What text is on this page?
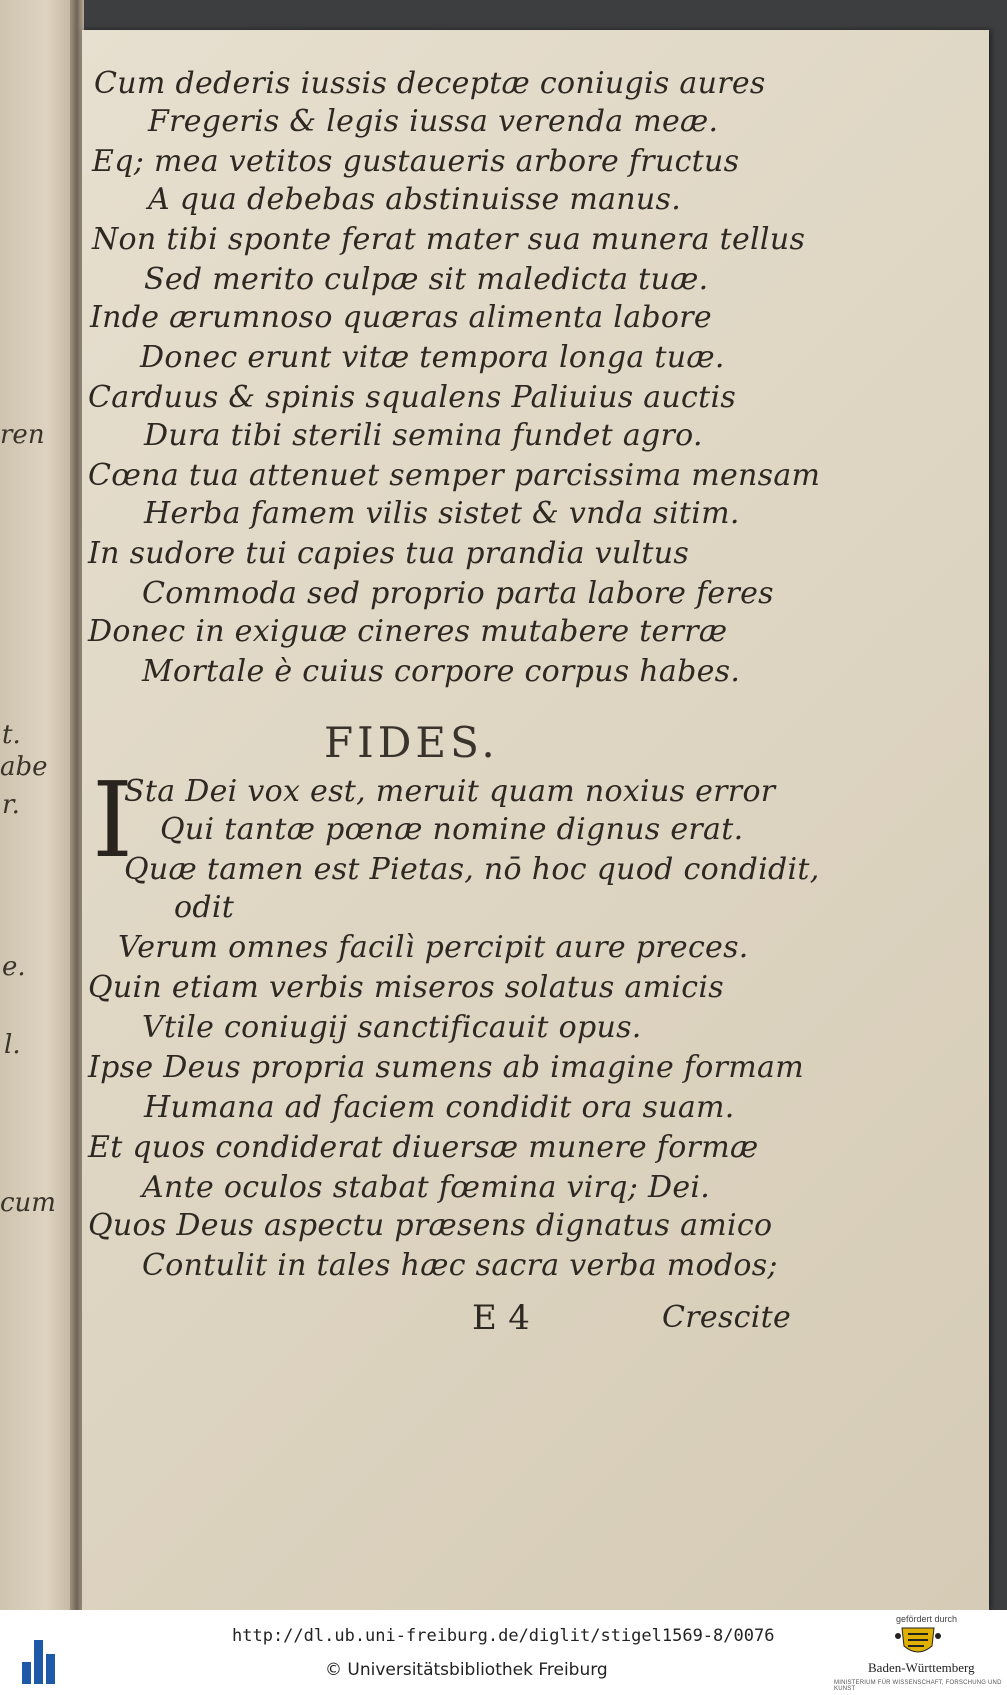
ren
t.
abe
r.
e.
l.
cum
Cum dederis iussis deceptæ coniugis aures
Fregeris & legis iussa verenda meæ.
Eq; mea vetitos gustaueris arbore fructus
A qua debebas abstinuisse manus.
Non tibi sponte ferat mater sua munera tellus
Sed merito culpæ sit maledicta tuæ.
Inde ærumnoso quæras alimenta labore
Donec erunt vitæ tempora longa tuæ.
Carduus & spinis squalens Paliuius auctis
Dura tibi sterili semina fundet agro.
Cœna tua attenuet semper parcissima mensam
Herba famem vilis sistet & vnda sitim.
In sudore tui capies tua prandia vultus
Commoda sed proprio parta labore feres
Donec in exiguæ cineres mutabere terræ
Mortale è cuius corpore corpus habes.
FIDES.
I
Sta Dei vox est, meruit quam noxius error
Qui tantæ pœnæ nomine dignus erat.
Quæ tamen est Pietas, nō hoc quod condidit,
odit
Verum omnes facilì percipit aure preces.
Quin etiam verbis miseros solatus amicis
Vtile coniugij sanctificauit opus.
Ipse Deus propria sumens ab imagine formam
Humana ad faciem condidit ora suam.
Et quos condiderat diuersæ munere formæ
Ante oculos stabat fœmina virq; Dei.
Quos Deus aspectu præsens dignatus amico
Contulit in tales hæc sacra verba modos;
E 4	Crescite
http://dl.ub.uni-freiburg.de/diglit/stigel1569-8/0076
© Universitätsbibliothek Freiburg
gefördert durch
Baden-Württemberg
MINISTERIUM FÜR WISSENSCHAFT, FORSCHUNG UND KUNST
